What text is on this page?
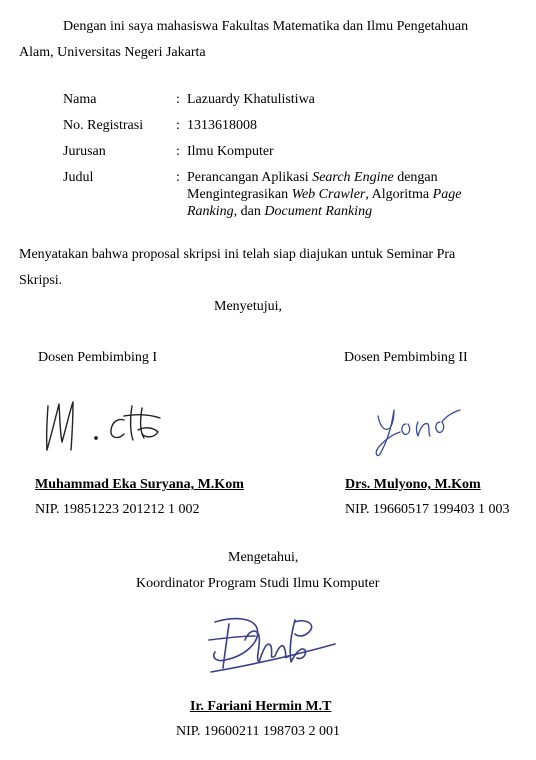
Dengan ini saya mahasiswa Fakultas Matematika dan Ilmu Pengetahuan
Alam, Universitas Negeri Jakarta
Nama	: Lazuardy Khatulistiwa
No. Registrasi : 1313618008
Jurusan	: Ilmu Komputer
Judul	: Perancangan Aplikasi Search Engine dengan
Mengintegrasikan Web Crawler, Algoritma Page
Ranking, dan Document Ranking
Menyatakan bahwa proposal skripsi ini telah siap diajukan untuk Seminar Pra
Skripsi.
Menyetujui,
Dosen Pembimbing I
Muhammad Eka Suryana, M.Kom
NIP. 19851223 201212 1 002
Dosen Pembimbing II
Drs. Mulyono, M.Kom
NIP. 19660517 199403 1 003
Mengetahui,
Koordinator Program Studi Ilmu Komputer
Ir. Fariani Hermin M.T
NIP. 19600211 198703 2 001
